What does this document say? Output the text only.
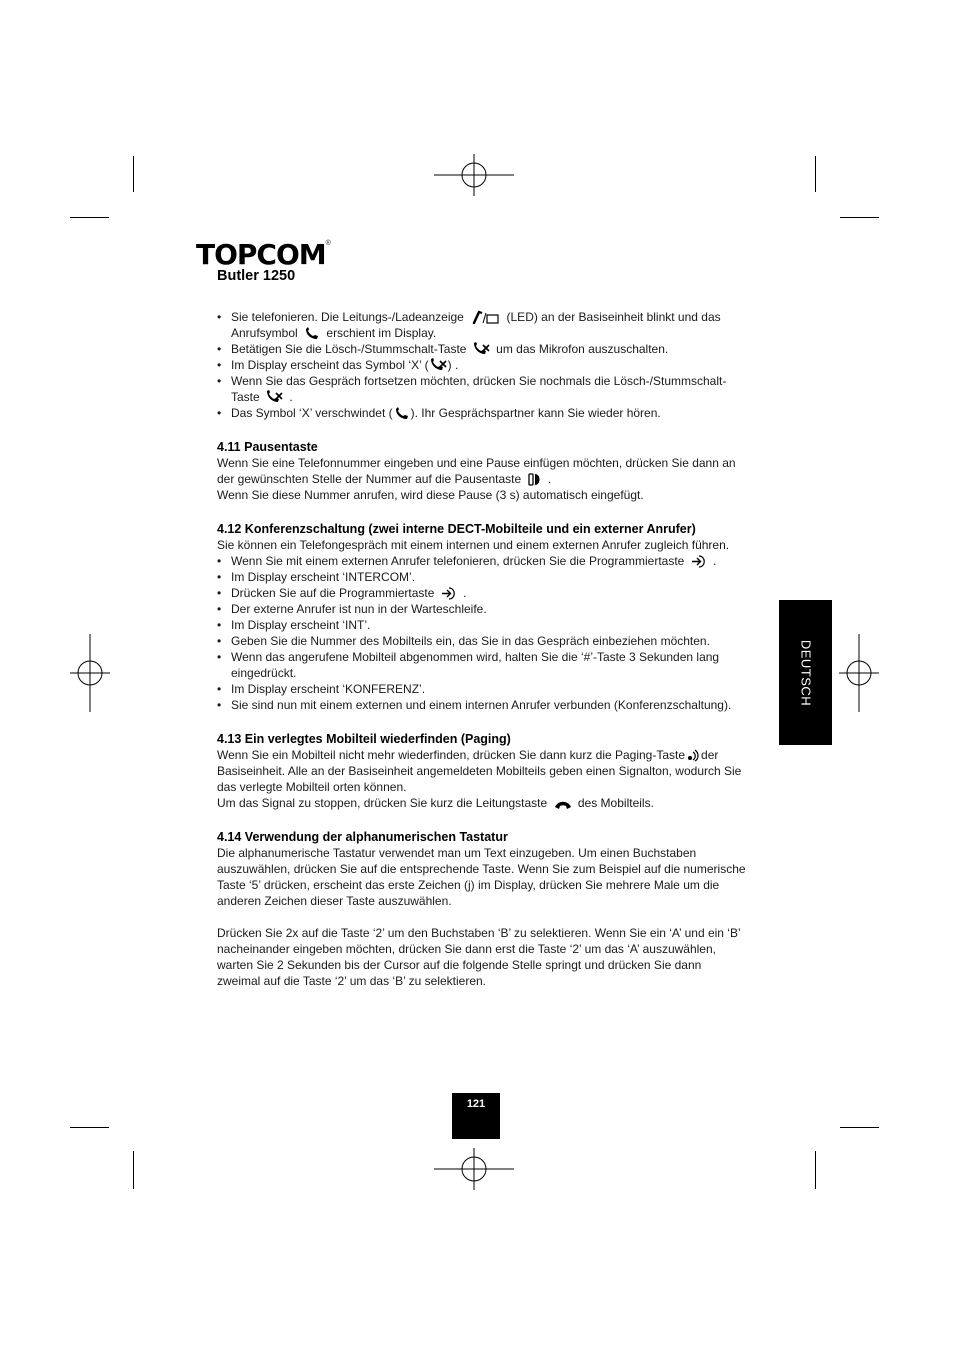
TOPCOM®
Butler 1250
• Sie telefonieren. Die Leitungs-/Ladeanzeige	(LED) an der Basiseinheit blinkt und das Anrufsymbol erschient im Display.
• Betätigen Sie die Lösch-/Stummschalt-Taste um das Mikrofon auszuschalten.
• Im Display erscheint das Symbol ‘X’ ( ) .
• Wenn Sie das Gespräch fortsetzen möchten, drücken Sie nochmals die Lösch-/Stummschalt-Taste .
• Das Symbol ‘X’ verschwindet ( ). Ihr Gesprächspartner kann Sie wieder hören.
4.11 Pausentaste

Wenn Sie eine Telefonnummer eingeben und eine Pause einfügen möchten, drücken Sie dann an der gewünschten Stelle der Nummer auf die Pausentaste .

Wenn Sie diese Nummer anrufen, wird diese Pause (3 s) automatisch eingefügt.

4.12 Konferenzschaltung (zwei interne DECT-Mobilteile und ein externer Anrufer)

Sie können ein Telefongespräch mit einem internen und einem externen Anrufer zugleich führen.

• Wenn Sie mit einem externen Anrufer telefonieren, drücken Sie die Programmiertaste .
• Im Display erscheint ‘INTERCOM’.
• Drücken Sie auf die Programmiertaste .
• Der externe Anrufer ist nun in der Warteschleife.
• Im Display erscheint ‘INT’.
• Geben Sie die Nummer des Mobilteils ein, das Sie in das Gespräch einbeziehen möchten.
• Wenn das angerufene Mobilteil abgenommen wird, halten Sie die ‘#’-Taste 3 Sekunden lang eingedrückt.
• Im Display erscheint ‘KONFERENZ’.
• Sie sind nun mit einem externen und einem internen Anrufer verbunden (Konferenzschaltung).
4.13 Ein verlegtes Mobilteil wiederfinden (Paging)

Wenn Sie ein Mobilteil nicht mehr wiederfinden, drücken Sie dann kurz die Paging-Taste der Basiseinheit. Alle an der Basiseinheit angemeldeten Mobilteils geben einen Signalton, wodurch Sie das verlegte Mobilteil orten können.

Um das Signal zu stoppen, drücken Sie kurz die Leitungstaste	des Mobilteils.

4.14 Verwendung der alphanumerischen Tastatur

Die alphanumerische Tastatur verwendet man um Text einzugeben. Um einen Buchstaben auszuwählen, drücken Sie auf die entsprechende Taste. Wenn Sie zum Beispiel auf die numerische Taste ‘5’ drücken, erscheint das erste Zeichen (j) im Display, drücken Sie mehrere Male um die anderen Zeichen dieser Taste auszuwählen.

Drücken Sie 2x auf die Taste ‘2’ um den Buchstaben ‘B’ zu selektieren. Wenn Sie ein ‘A’ und ein ‘B’ nacheinander eingeben möchten, drücken Sie dann erst die Taste ‘2’ um das ‘A’ auszuwählen, warten Sie 2 Sekunden bis der Cursor auf die folgende Stelle springt und drücken Sie dann zweimal auf die Taste ‘2’ um das ‘B’ zu selektieren.

DEUTSCH
121
